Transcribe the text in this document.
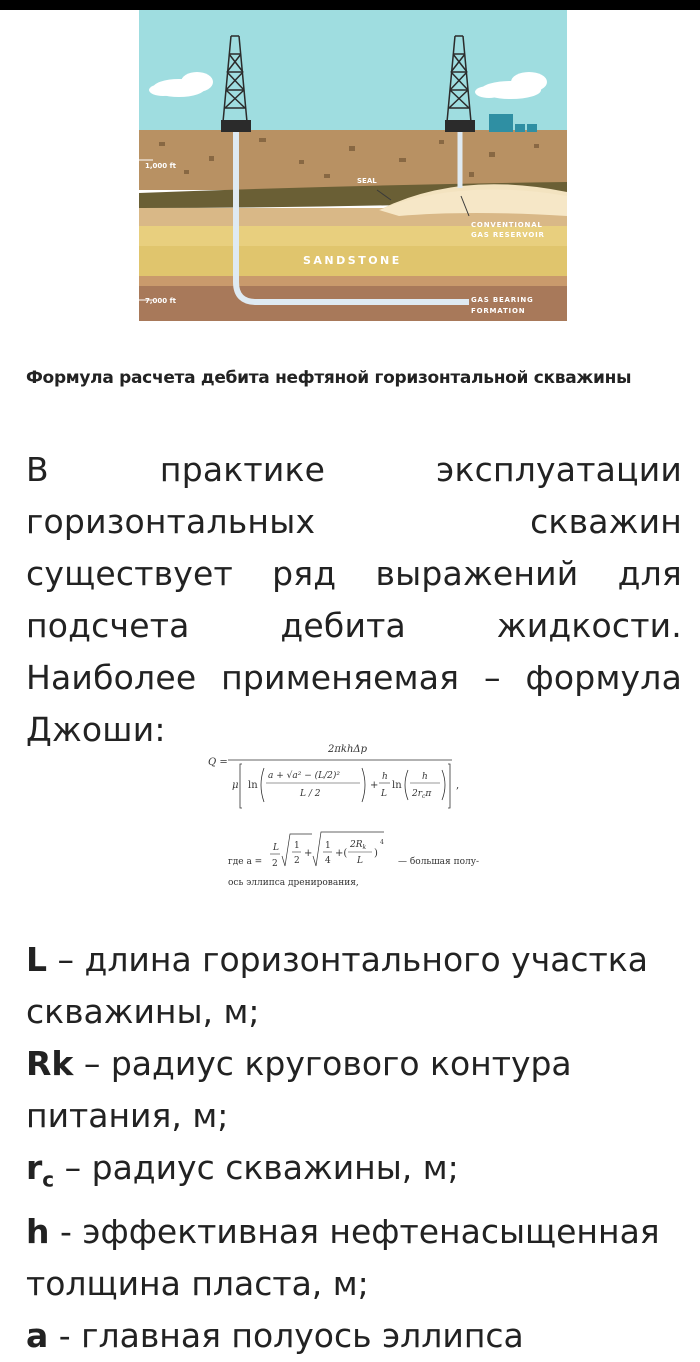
1,000 ft
7,000 ft
SEAL
CONVENTIONAL
GAS RESERVOIR
SANDSTONE
GAS BEARING
FORMATION
Формула расчета дебита нефтяной горизонтальной скважины
В практике эксплуатации горизонтальных скважин существует ряд выражений для подсчета дебита жидкости. Наиболее применяемая – формула Джоши:
Q =
2πkhΔp
μ ln
a + √a² − (L/2)²
L / 2
+
h
L
ln
h
$2r_c\pi$
,
где a =
L
2
1
2
+
1
4
+(
$2R_k$
L
)
4
— большая полу-
ось эллипса дренирования,

L – длина горизонтального участка скважины, м;

Rk – радиус кругового контура питания, м;

$r_c$ – радиус скважины, м;

h - эффективная нефтенасыщенная толщина пласта, м;

a - главная полуось эллипса
